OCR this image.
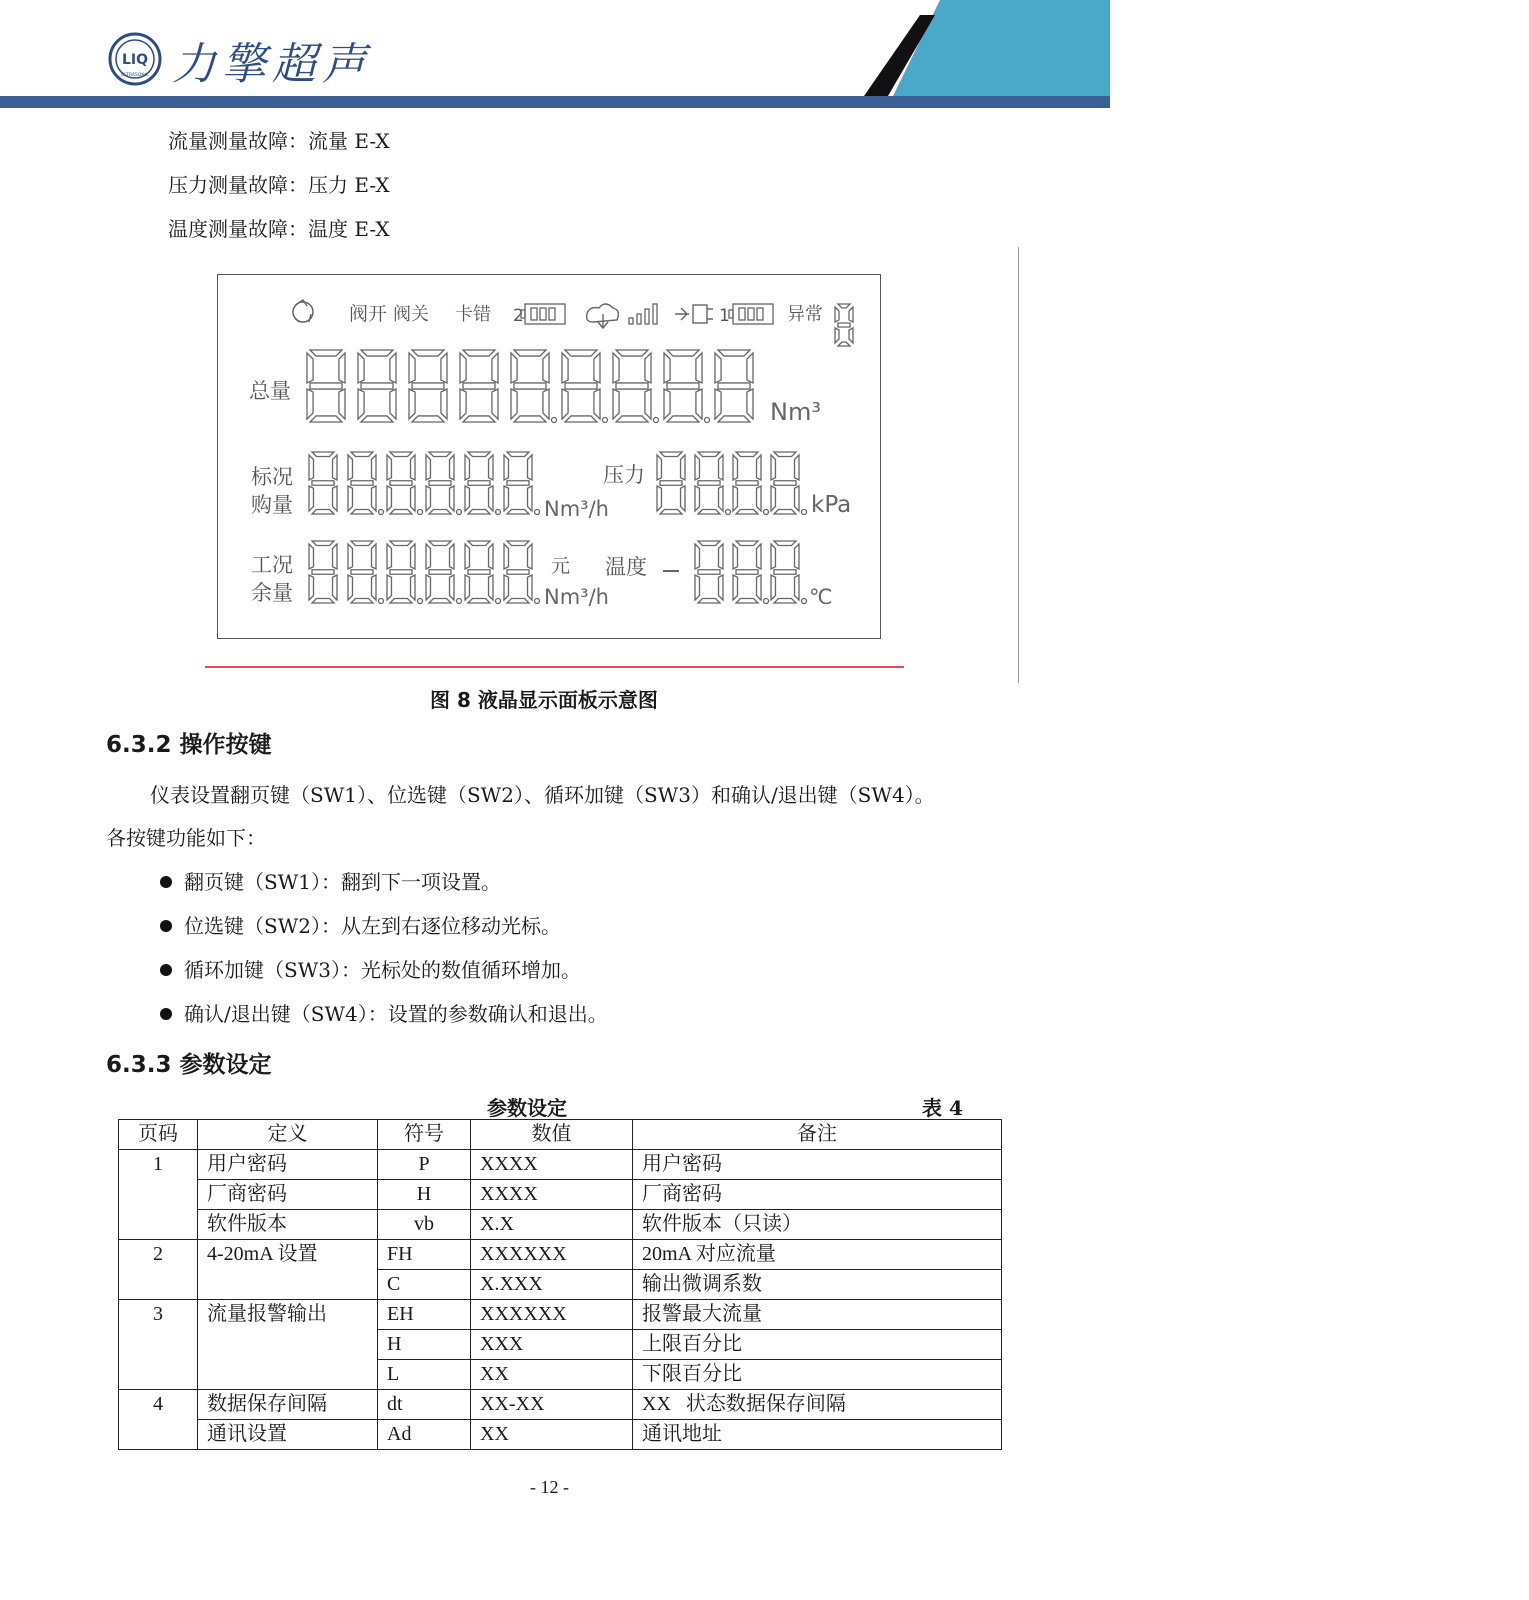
LIQ
ULTRASONIC 力擎超声
流量测量故障：流量 E-X
压力测量故障：压力 E-X
温度测量故障：温度 E-X
阀开 阀关 卡错 2	1	异常
总量
Nm³
标况
购量	Nm³/h
压力
kPa
工况
余量
元
Nm³/h
温度
℃
图 8 液晶显示面板示意图
6.3.2 操作按键
仪表设置翻页键（SW1）、位选键（SW2）、循环加键（SW3）和确认/退出键（SW4）。
各按键功能如下：
翻页键（SW1）：翻到下一项设置。
位选键（SW2）：从左到右逐位移动光标。
循环加键（SW3）：光标处的数值循环增加。
确认/退出键（SW4）：设置的参数确认和退出。
6.3.3 参数设定
参数设定	表 4
页码	定义	符号	数值	备注
1	用户密码	P	XXXX	用户密码
	厂商密码	H	XXXX	厂商密码
	软件版本	vb	X.X	软件版本（只读）
2	4-20mA 设置	FH	XXXXXX	20mA 对应流量
		C	X.XXX	输出微调系数
3	流量报警输出	EH	XXXXXX	报警最大流量
		H	XXX	上限百分比
		L	XX	下限百分比
4	数据保存间隔	dt	XX-XX	XX   状态数据保存间隔
	通讯设置	Ad	XX	通讯地址
- 12 -
